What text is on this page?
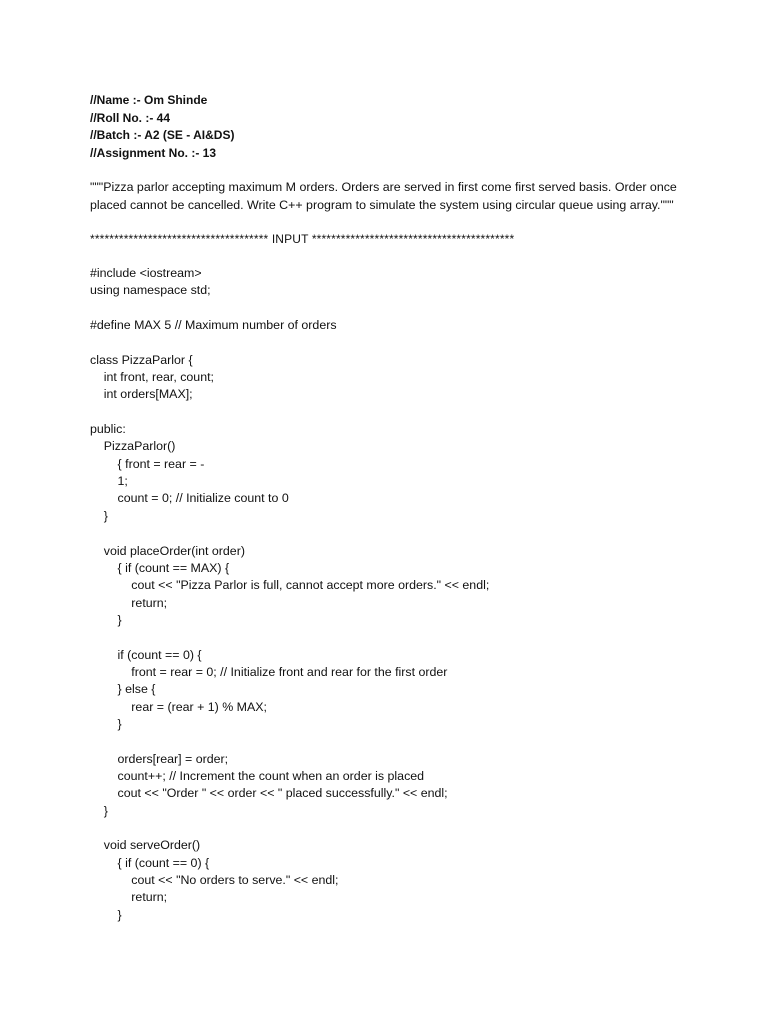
//Name :- Om Shinde

//Roll No. :- 44

//Batch :- A2 (SE - AI&DS)

//Assignment No. :- 13

"""Pizza parlor accepting maximum M orders. Orders are served in first come first served basis. Order once placed cannot be cancelled. Write C++ program to simulate the system using circular queue using array."""

************************************* INPUT ******************************************
#include <iostream>
using namespace std;
#define MAX 5 // Maximum number of orders
class PizzaParlor {
int front, rear, count;
int orders[MAX];
public:
PizzaParlor()
{ front = rear = -
1;
count = 0; // Initialize count to 0
}
void placeOrder(int order)
{ if (count == MAX) {
cout << "Pizza Parlor is full, cannot accept more orders." << endl;
return;
}
if (count == 0) {
front = rear = 0; // Initialize front and rear for the first order
} else {
rear = (rear + 1) % MAX;
}
orders[rear] = order;
count++; // Increment the count when an order is placed
cout << "Order " << order << " placed successfully." << endl;
}
void serveOrder()
{ if (count == 0) {
cout << "No orders to serve." << endl;
return;
}
